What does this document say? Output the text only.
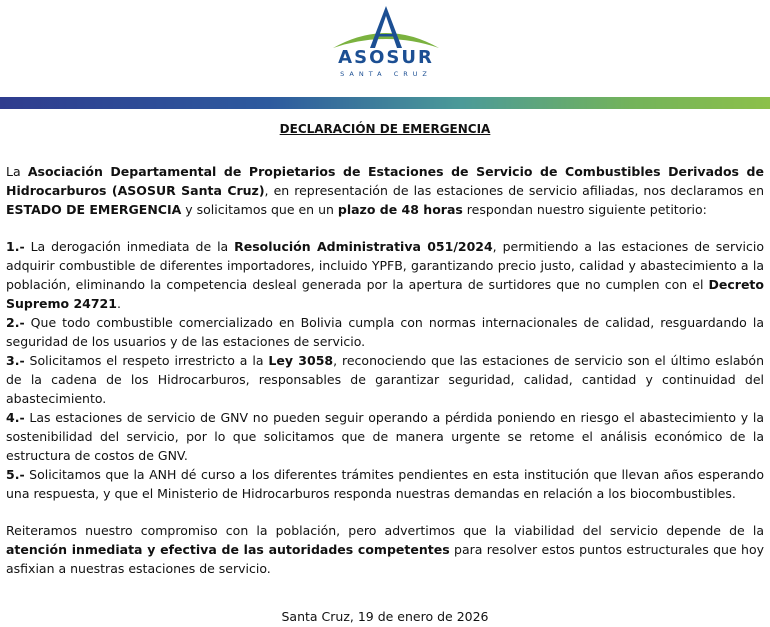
ASOSUR
SANTA CRUZ
DECLARACIÓN DE EMERGENCIA

La Asociación Departamental de Propietarios de Estaciones de Servicio de Combustibles Derivados de Hidrocarburos (ASOSUR Santa Cruz), en representación de las estaciones de servicio afiliadas, nos declaramos en ESTADO DE EMERGENCIA y solicitamos que en un plazo de 48 horas respondan nuestro siguiente petitorio:

1.- La derogación inmediata de la Resolución Administrativa 051/2024, permitiendo a las estaciones de servicio adquirir combustible de diferentes importadores, incluido YPFB, garantizando precio justo, calidad y abastecimiento a la población, eliminando la competencia desleal generada por la apertura de surtidores que no cumplen con el Decreto Supremo 24721.

2.- Que todo combustible comercializado en Bolivia cumpla con normas internacionales de calidad, resguardando la seguridad de los usuarios y de las estaciones de servicio.

3.- Solicitamos el respeto irrestricto a la Ley 3058, reconociendo que las estaciones de servicio son el último eslabón de la cadena de los Hidrocarburos, responsables de garantizar seguridad, calidad, cantidad y continuidad del abastecimiento.

4.- Las estaciones de servicio de GNV no pueden seguir operando a pérdida poniendo en riesgo el abastecimiento y la sostenibilidad del servicio, por lo que solicitamos que de manera urgente se retome el análisis económico de la estructura de costos de GNV.

5.- Solicitamos que la ANH dé curso a los diferentes trámites pendientes en esta institución que llevan años esperando una respuesta, y que el Ministerio de Hidrocarburos responda nuestras demandas en relación a los biocombustibles.

Reiteramos nuestro compromiso con la población, pero advertimos que la viabilidad del servicio depende de la atención inmediata y efectiva de las autoridades competentes para resolver estos puntos estructurales que hoy asfixian a nuestras estaciones de servicio.

Santa Cruz, 19 de enero de 2026
